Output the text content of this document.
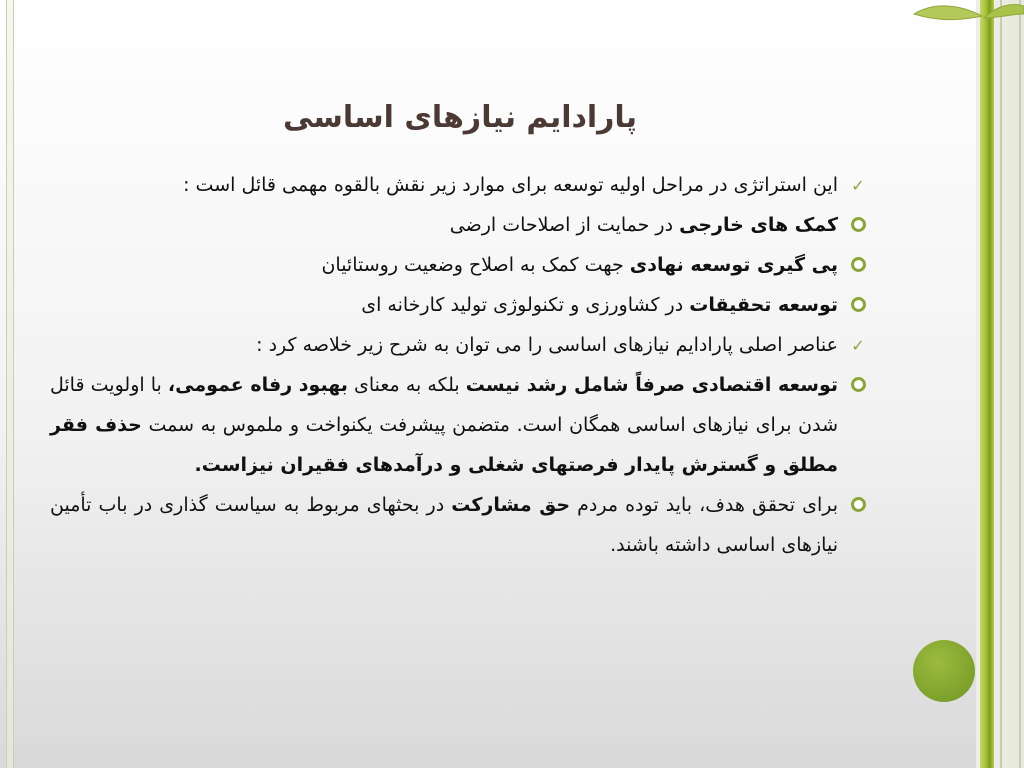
پارادایم نیازهای اساسی
✓
این استراتژی در مراحل اولیه توسعه برای موارد زیر نقش بالقوه مهمی قائل است :
کمک های خارجی در حمایت از اصلاحات ارضی
پی گیری توسعه نهادی جهت کمک به اصلاح وضعیت روستائیان
توسعه تحقیقات در کشاورزی و تکنولوژی تولید کارخانه ای
✓
عناصر اصلی پارادایم نیازهای اساسی را می توان به شرح زیر خلاصه کرد :
توسعه اقتصادی صرفاً شامل رشد نیست بلکه به معنای بهبود رفاه عمومی، با اولویت قائل شدن برای نیازهای اساسی همگان است. متضمن پیشرفت یکنواخت و ملموس به سمت حذف فقر مطلق و گسترش پایدار فرصتهای شغلی و درآمدهای فقیران نیزاست.
برای تحقق هدف، باید توده مردم حق مشارکت در بحثهای مربوط به سیاست گذاری در باب تأمین نیازهای اساسی داشته باشند.
